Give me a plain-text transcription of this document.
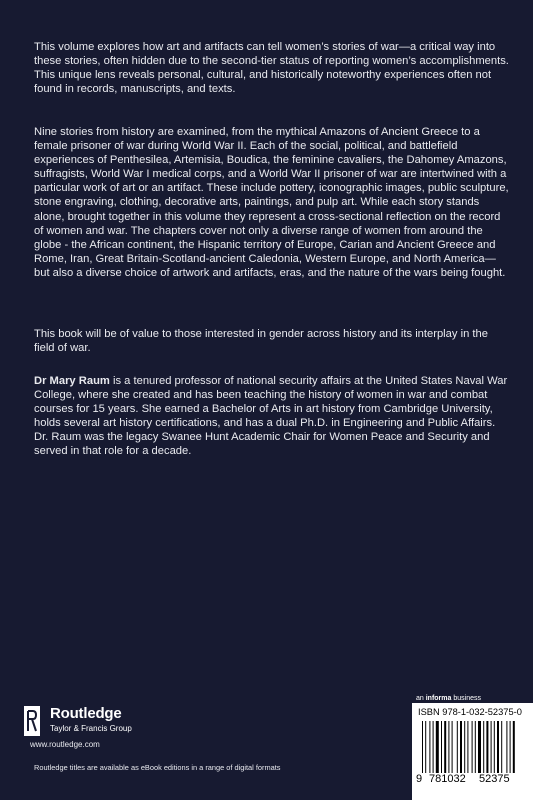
This volume explores how art and artifacts can tell women’s stories of war—a critical way into these stories, often hidden due to the second-tier status of reporting women’s accomplishments. This unique lens reveals personal, cultural, and historically noteworthy experiences often not found in records, manuscripts, and texts.

Nine stories from history are examined, from the mythical Amazons of Ancient Greece to a female prisoner of war during World War II. Each of the social, political, and battlefield experiences of Penthesilea, Artemisia, Boudica, the feminine cavaliers, the Dahomey Amazons, suffragists, World War I medical corps, and a World War II prisoner of war are intertwined with a particular work of art or an artifact. These include pottery, iconographic images, public sculpture, stone engraving, clothing, decorative arts, paintings, and pulp art. While each story stands alone, brought together in this volume they represent a cross-sectional reflection on the record of women and war. The chapters cover not only a diverse range of women from around the globe - the African continent, the Hispanic territory of Europe, Carian and Ancient Greece and Rome, Iran, Great Britain-Scotland-ancient Caledonia, Western Europe, and North America—but also a diverse choice of artwork and artifacts, eras, and the nature of the wars being fought.

This book will be of value to those interested in gender across history and its interplay in the field of war.

Dr Mary Raum is a tenured professor of national security affairs at the United States Naval War College, where she created and has been teaching the history of women in war and combat courses for 15 years. She earned a Bachelor of Arts in art history from Cambridge University, holds several art history certifications, and has a dual Ph.D. in Engineering and Public Affairs. Dr. Raum was the legacy Swanee Hunt Academic Chair for Women Peace and Security and served in that role for a decade.

Routledge
Taylor & Francis Group
www.routledge.com
Routledge titles are available as eBook editions in a range of digital formats
an informa business
ISBN 978-1-032-52375-0
9 781032 52375
